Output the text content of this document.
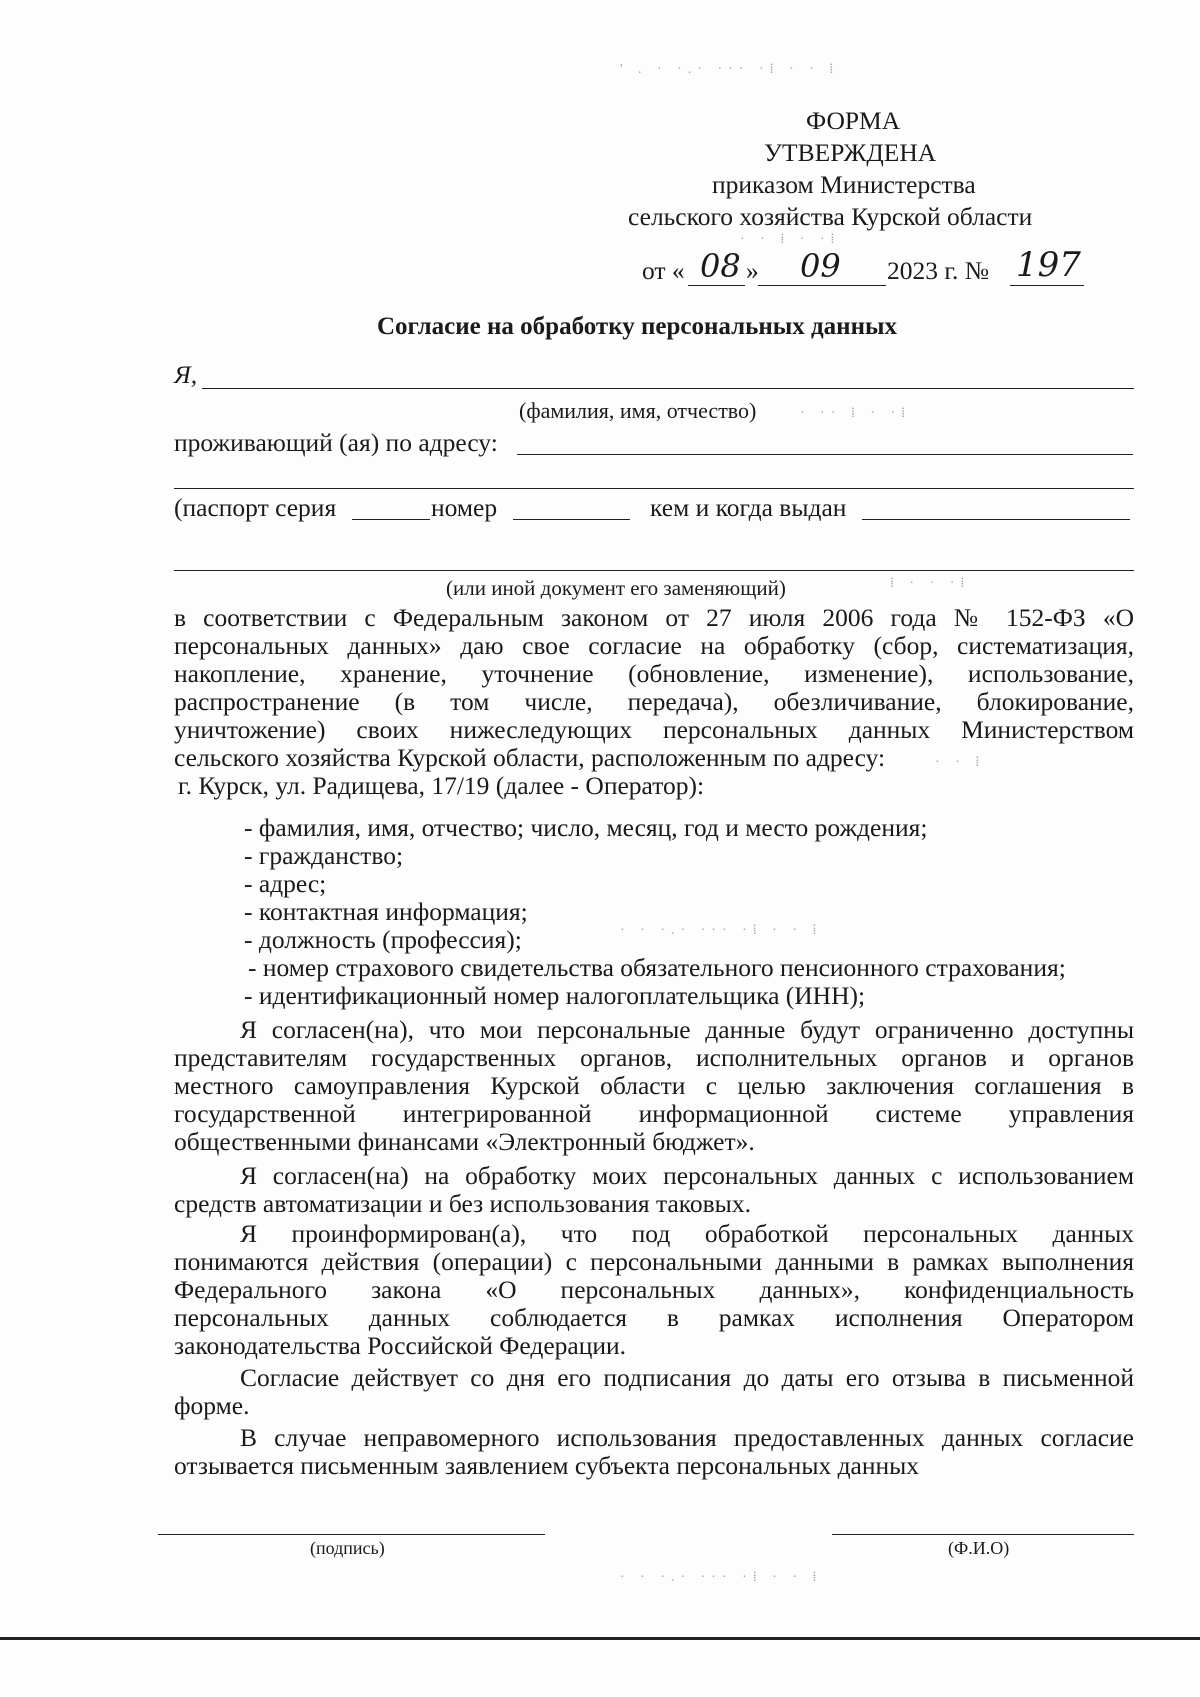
' . · ·.· ··· ·⁞ · · ⁞
· · ⁞ · ·⁞
· ·· ⁞ · ·⁞
⁞ · · ·⁞
· · ⁞
· · ·.· ··· ·⁞ · · ⁞
· · ·.· ··· ·⁞ · · ⁞
ФОРМА
УТВЕРЖДЕНА
приказом Министерства
сельского хозяйства Курской области
от « 08 » 09 2023 г. № 197
Согласие на обработку персональных данных
Я,
(фамилия, имя, отчество)
проживающий (ая) по адресу:
(паспорт серия	номер	кем и когда выдан
(или иной документ его заменяющий)
в соответствии с Федеральным законом от 27 июля 2006 года № 152-ФЗ «О
персональных данных» даю свое согласие на обработку (сбор, систематизация,
накопление, хранение, уточнение (обновление, изменение), использование,
распространение (в том числе, передача), обезличивание, блокирование,
уничтожение) своих нижеследующих персональных данных Министерством
сельского хозяйства Курской области, расположенным по адресу:
г. Курск, ул. Радищева, 17/19 (далее - Оператор):
- фамилия, имя, отчество; число, месяц, год и место рождения;
- гражданство;
- адрес;
- контактная информация;
- должность (профессия);
- номер страхового свидетельства обязательного пенсионного страхования;
- идентификационный номер налогоплательщика (ИНН);
Я согласен(на), что мои персональные данные будут ограниченно доступны
представителям государственных органов, исполнительных органов и органов
местного самоуправления Курской области с целью заключения соглашения в
государственной интегрированной информационной системе управления
общественными финансами «Электронный бюджет».
Я согласен(на) на обработку моих персональных данных с использованием
средств автоматизации и без использования таковых.
Я проинформирован(а), что под обработкой персональных данных
понимаются действия (операции) с персональными данными в рамках выполнения
Федерального закона «О персональных данных», конфиденциальность
персональных данных соблюдается в рамках исполнения Оператором
законодательства Российской Федерации.
Согласие действует со дня его подписания до даты его отзыва в письменной
форме.
В случае неправомерного использования предоставленных данных согласие
отзывается письменным заявлением субъекта персональных данных
(подпись)	(Ф.И.О)
